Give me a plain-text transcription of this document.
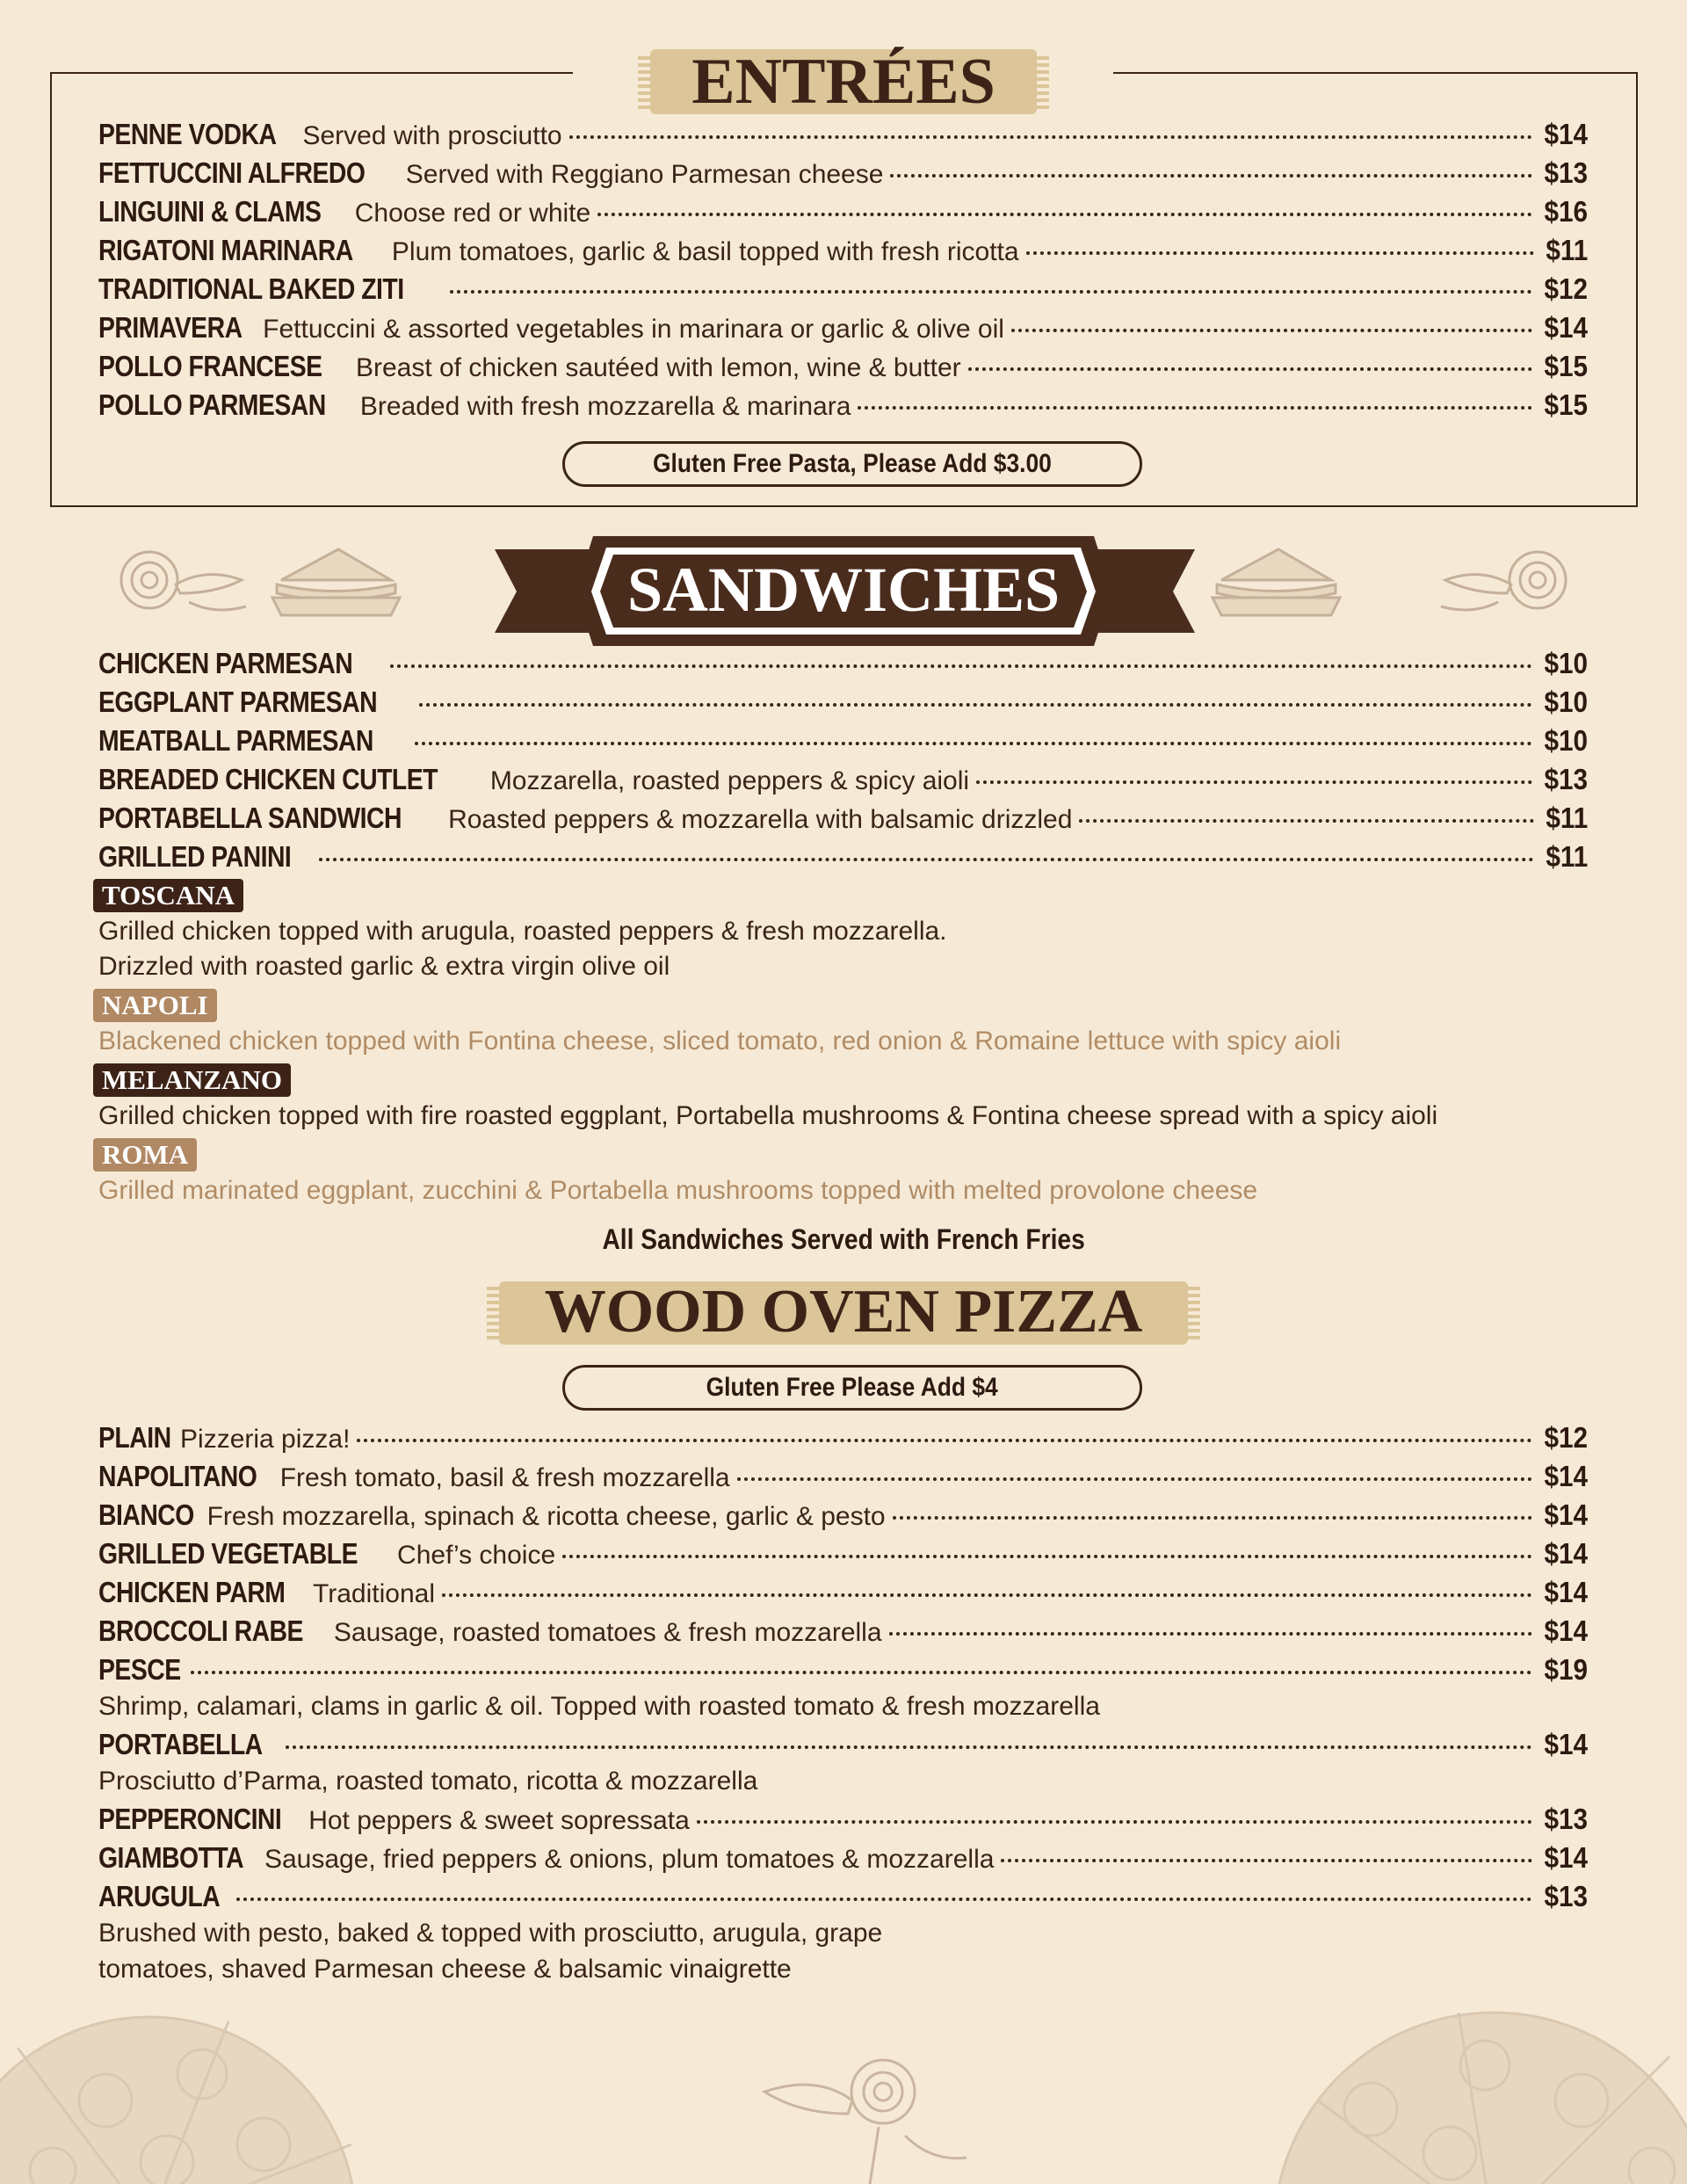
ENTRÉES
PENNE VODKA Served with prosciutto	$14
FETTUCCINI ALFREDO Served with Reggiano Parmesan cheese	$13
LINGUINI & CLAMS Choose red or white	$16
RIGATONI MARINARA Plum tomatoes, garlic & basil topped with fresh ricotta	$11
TRADITIONAL BAKED ZITI	$12
PRIMAVERA Fettuccini & assorted vegetables in marinara or garlic & olive oil	$14
POLLO FRANCESE Breast of chicken sautéed with lemon, wine & butter	$15
POLLO PARMESAN Breaded with fresh mozzarella & marinara	$15
Gluten Free Pasta, Please Add $3.00
SANDWICHES
CHICKEN PARMESAN	$10
EGGPLANT PARMESAN	$10
MEATBALL PARMESAN	$10
BREADED CHICKEN CUTLET Mozzarella, roasted peppers & spicy aioli	$13
PORTABELLA SANDWICH Roasted peppers & mozzarella with balsamic drizzled	$11
GRILLED PANINI	$11
TOSCANA
Grilled chicken topped with arugula, roasted peppers & fresh mozzarella.
Drizzled with roasted garlic & extra virgin olive oil
NAPOLI
Blackened chicken topped with Fontina cheese, sliced tomato, red onion & Romaine lettuce with spicy aioli
MELANZANO
Grilled chicken topped with fire roasted eggplant, Portabella mushrooms & Fontina cheese spread with a spicy aioli
ROMA
Grilled marinated eggplant, zucchini & Portabella mushrooms topped with melted provolone cheese
All Sandwiches Served with French Fries
WOOD OVEN PIZZA
Gluten Free Please Add $4
PLAIN Pizzeria pizza!	$12
NAPOLITANO Fresh tomato, basil & fresh mozzarella	$14
BIANCO Fresh mozzarella, spinach & ricotta cheese, garlic & pesto	$14
GRILLED VEGETABLE Chef’s choice	$14
CHICKEN PARM Traditional	$14
BROCCOLI RABE Sausage, roasted tomatoes & fresh mozzarella	$14
PESCE	$19
Shrimp, calamari, clams in garlic & oil. Topped with roasted tomato & fresh mozzarella
PORTABELLA	$14
Prosciutto d’Parma, roasted tomato, ricotta & mozzarella
PEPPERONCINI Hot peppers & sweet sopressata	$13
GIAMBOTTA Sausage, fried peppers & onions, plum tomatoes & mozzarella	$14
ARUGULA	$13
Brushed with pesto, baked & topped with prosciutto, arugula, grape
tomatoes, shaved Parmesan cheese & balsamic vinaigrette
